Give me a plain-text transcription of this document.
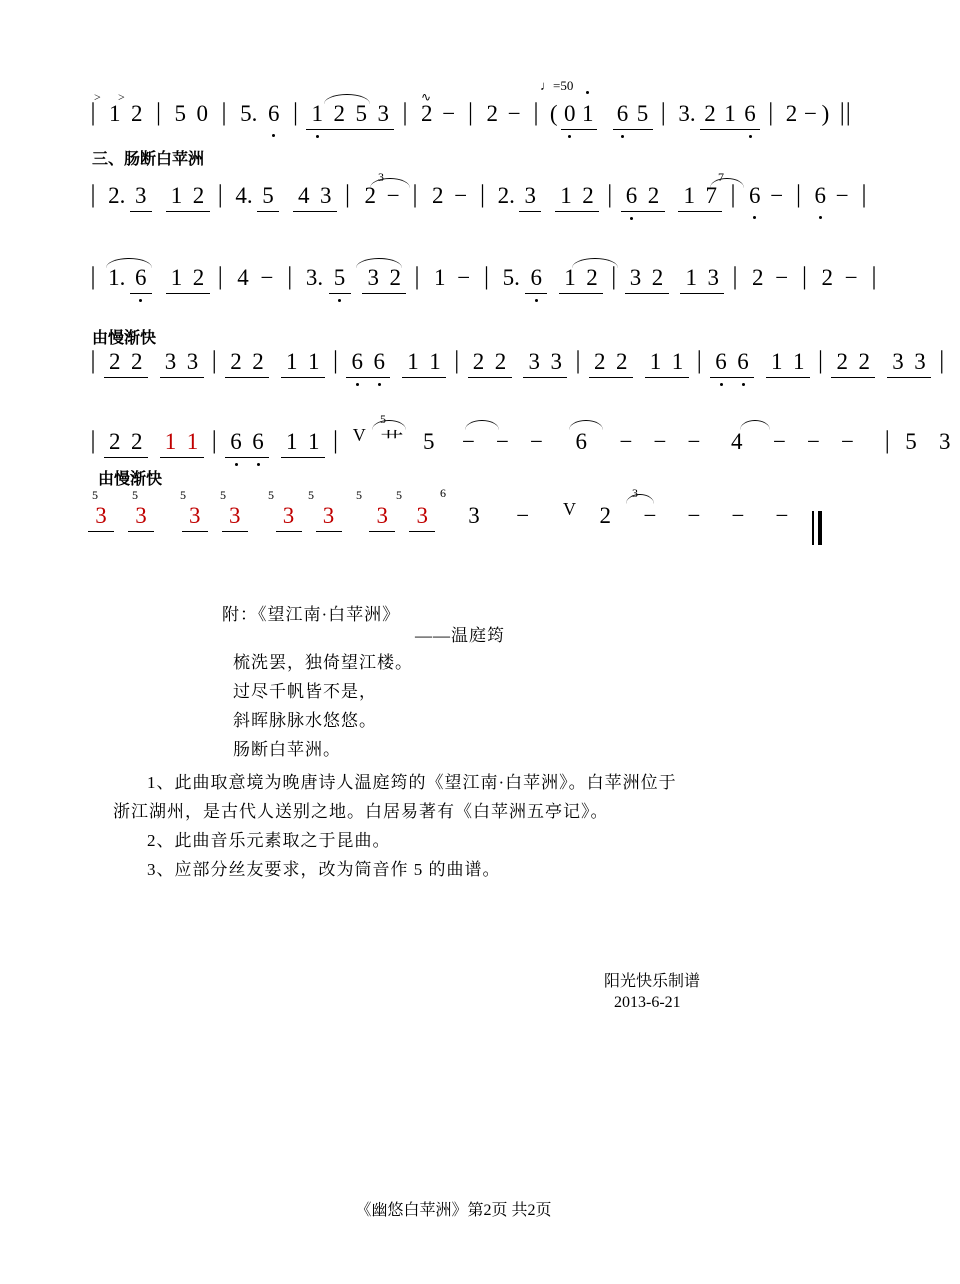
♩=50
| 1 2 | 5 0 | 5. 6 | 1 2 5 3 | 2 − | 2 − | ( 0 1 6 5 | 3. 2 1 6 | 2 − ) ||
> >	∿
三、肠断白苹洲
| 2. 3 1 2 | 4. 5 4 3 | 2 − | 2 − | 2. 3 1 2 | 6 2 1 7 | 6 − | 6 − |
3	7
| 1. 6 1 2 | 4 − | 3. 5 3 2 | 1 − | 5. 6 1 2 | 3 2 1 3 | 2 − | 2 − |
由慢渐快
| 2 2 3 3 | 2 2 1 1 | 6 6 1 1 | 2 2 3 3 | 2 2 1 1 | 6 6 1 1 | 2 2 3 3 |
| 2 2 1 1 | 6 6 1 1 | V 艹 5 − − − 6 − − − 4 − − − | 5 3
5
由慢渐快
3 3 3 3 3 3 3 3 3 − V 2 − − − −
5	5	5	5	5	5	5	5	6	3
附：《望江南·白苹洲》
——温庭筠
梳洗罢，独倚望江楼。
过尽千帆皆不是，
斜晖脉脉水悠悠。
肠断白苹洲。
1、此曲取意境为晚唐诗人温庭筠的《望江南·白苹洲》。白苹洲位于
浙江湖州，是古代人送别之地。白居易著有《白苹洲五亭记》。
2、此曲音乐元素取之于昆曲。
3、应部分丝友要求，改为筒音作 5 的曲谱。
阳光快乐制谱
2013-6-21
《幽悠白苹洲》第2页 共2页
